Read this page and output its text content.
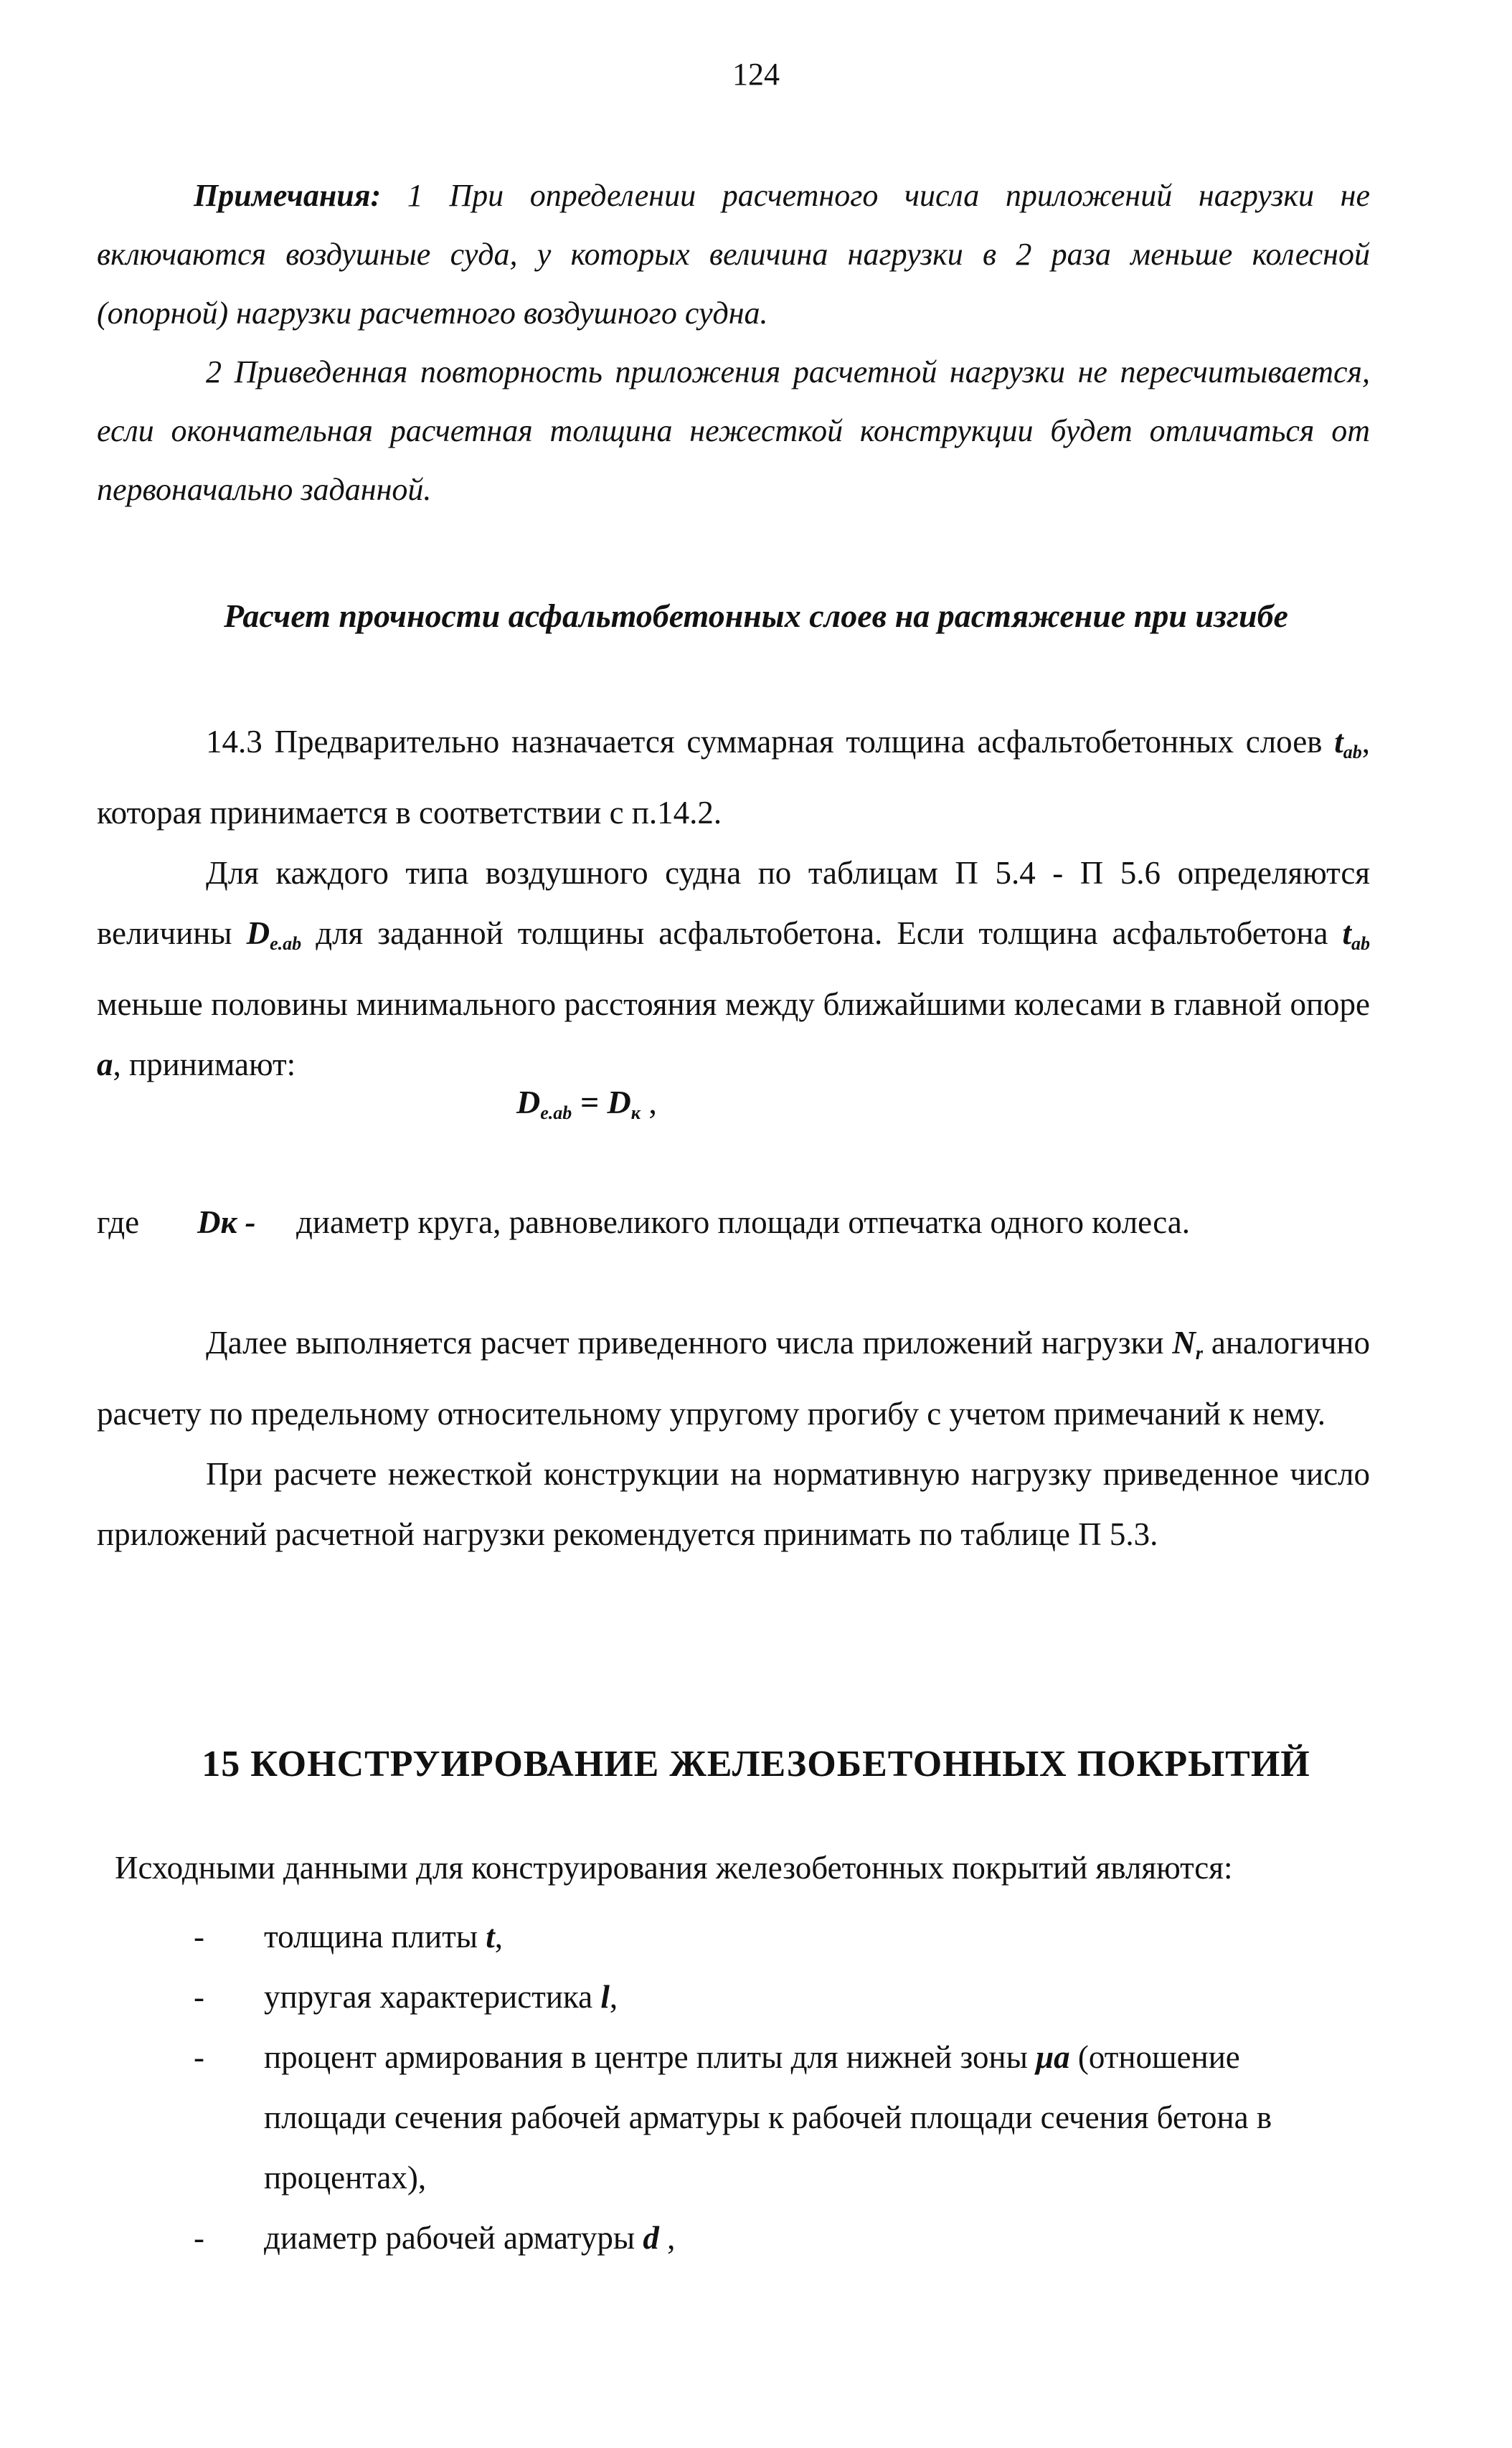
124

Примечания: 1 При определении расчетного числа приложений нагрузки не включаются воздушные суда, у которых величина нагрузки в 2 раза меньше колесной (опорной) нагрузки расчетного воздушного судна.

2 Приведенная повторность приложения расчетной нагрузки не пересчитывается, если окончательная расчетная толщина нежесткой конструкции будет отличаться от первоначально заданной.

Расчет прочности асфальтобетонных слоев на растяжение при изгибе

14.3 Предварительно назначается суммарная толщина асфальтобетонных слоев $t_{ab}$, которая принимается в соответствии с п.14.2.

Для каждого типа воздушного судна по таблицам П 5.4 - П 5.6 определяются величины $D_{e.ab}$ для заданной толщины асфальтобетона. Если толщина асфальтобетона $t_{ab}$ меньше половины минимального расстояния между ближайшими колесами в главной опоре a, принимают:

$D_{e.ab} = D_к$ ,
где Dк - диаметр круга, равновеликого площади отпечатка одного колеса.

Далее выполняется расчет приведенного числа приложений нагрузки $N_r$ аналогично расчету по предельному относительному упругому прогибу с учетом примечаний к нему.

При расчете нежесткой конструкции на нормативную нагрузку приведенное число приложений расчетной нагрузки рекомендуется принимать по таблице П 5.3.

15 КОНСТРУИРОВАНИЕ ЖЕЛЕЗОБЕТОННЫХ ПОКРЫТИЙ
Исходными данными для конструирования железобетонных покрытий являются:
- толщина плиты t,
- упругая характеристика l,
- процент армирования в центре плиты для нижней зоны μа (отношение площади сечения рабочей арматуры к рабочей площади сечения бетона в процентах),
- диаметр рабочей арматуры d ,
